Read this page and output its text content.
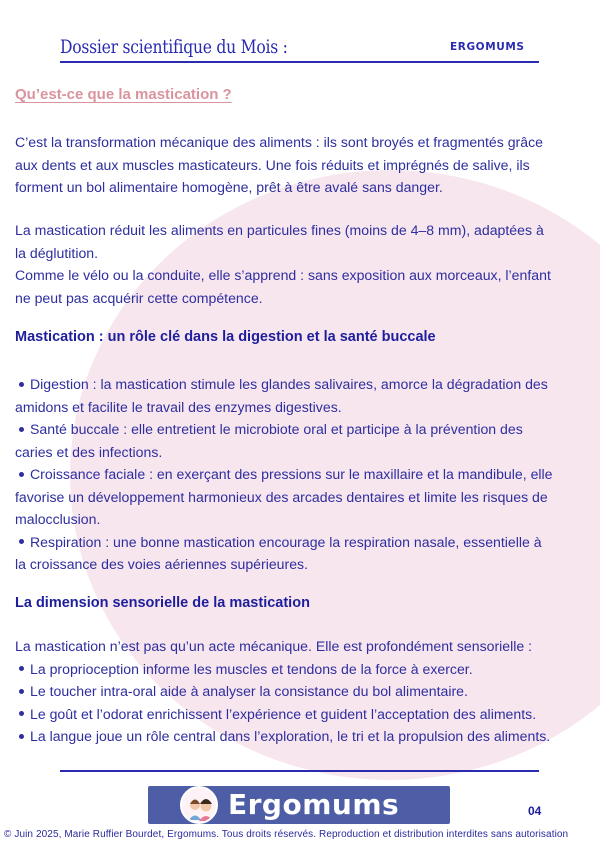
Dossier scientifique du Mois :	ERGOMUMS
Qu’est-ce que la mastication ?
C’est la transformation mécanique des aliments : ils sont broyés et fragmentés grâce
aux dents et aux muscles masticateurs. Une fois réduits et imprégnés de salive, ils
forment un bol alimentaire homogène, prêt à être avalé sans danger.
La mastication réduit les aliments en particules fines (moins de 4–8 mm), adaptées à
la déglutition.
Comme le vélo ou la conduite, elle s’apprend : sans exposition aux morceaux, l’enfant
ne peut pas acquérir cette compétence.
Mastication : un rôle clé dans la digestion et la santé buccale
Digestion : la mastication stimule les glandes salivaires, amorce la dégradation des
amidons et facilite le travail des enzymes digestives.
Santé buccale : elle entretient le microbiote oral et participe à la prévention des
caries et des infections.
Croissance faciale : en exerçant des pressions sur le maxillaire et la mandibule, elle
favorise un développement harmonieux des arcades dentaires et limite les risques de
malocclusion.
Respiration : une bonne mastication encourage la respiration nasale, essentielle à
la croissance des voies aériennes supérieures.
La dimension sensorielle de la mastication
La mastication n’est pas qu’un acte mécanique. Elle est profondément sensorielle :
La proprioception informe les muscles et tendons de la force à exercer.
Le toucher intra-oral aide à analyser la consistance du bol alimentaire.
Le goût et l’odorat enrichissent l’expérience et guident l’acceptation des aliments.
La langue joue un rôle central dans l’exploration, le tri et la propulsion des aliments.
Ergomums	04
© Juin 2025, Marie Ruffier Bourdet, Ergomums. Tous droits réservés. Reproduction et distribution interdites sans autorisation
